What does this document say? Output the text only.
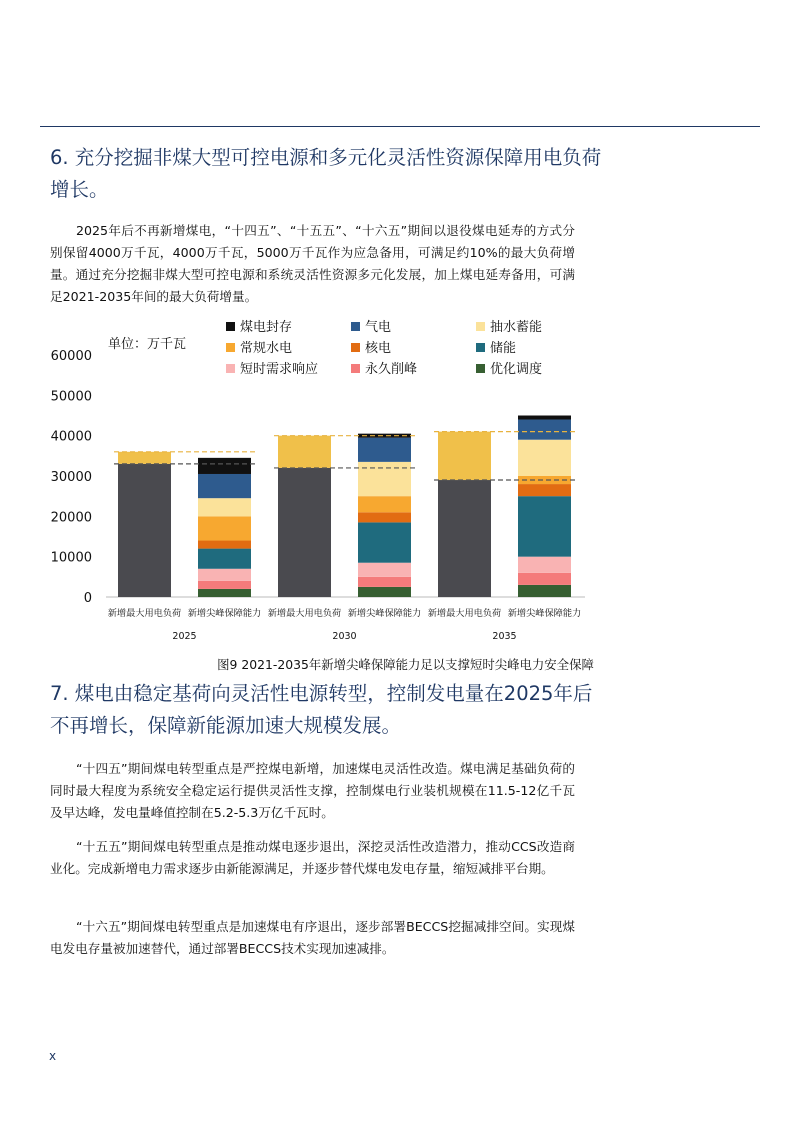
6. 充分挖掘非煤大型可控电源和多元化灵活性资源保障用电负荷增长。

2025年后不再新增煤电，“十四五”、“十五五”、“十六五”期间以退役煤电延寿的方式分别保留4000万千瓦，4000万千瓦，5000万千瓦作为应急备用，可满足约10%的最大负荷增量。通过充分挖掘非煤大型可控电源和系统灵活性资源多元化发展，加上煤电延寿备用，可满足2021-2035年间的最大负荷增量。

0
10000
20000
30000
40000
50000
60000
新增最大用电负荷 新增尖峰保障能力
2025
新增最大用电负荷 新增尖峰保障能力
2030
新增最大用电负荷 新增尖峰保障能力
2035
煤电封存	气电	抽水蓄能
常规水电	核电	储能
短时需求响应	永久削峰	优化调度
单位：万千瓦

图9 2021-2035年新增尖峰保障能力足以支撑短时尖峰电力安全保障

7. 煤电由稳定基荷向灵活性电源转型，控制发电量在2025年后不再增长，保障新能源加速大规模发展。

“十四五”期间煤电转型重点是严控煤电新增，加速煤电灵活性改造。煤电满足基础负荷的同时最大程度为系统安全稳定运行提供灵活性支撑，控制煤电行业装机规模在11.5-12亿千瓦及早达峰，发电量峰值控制在5.2-5.3万亿千瓦时。

“十五五”期间煤电转型重点是推动煤电逐步退出，深挖灵活性改造潜力，推动CCS改造商业化。完成新增电力需求逐步由新能源满足，并逐步替代煤电发电存量，缩短减排平台期。

“十六五”期间煤电转型重点是加速煤电有序退出，逐步部署BECCS挖掘减排空间。实现煤电发电存量被加速替代，通过部署BECCS技术实现加速减排。

x
